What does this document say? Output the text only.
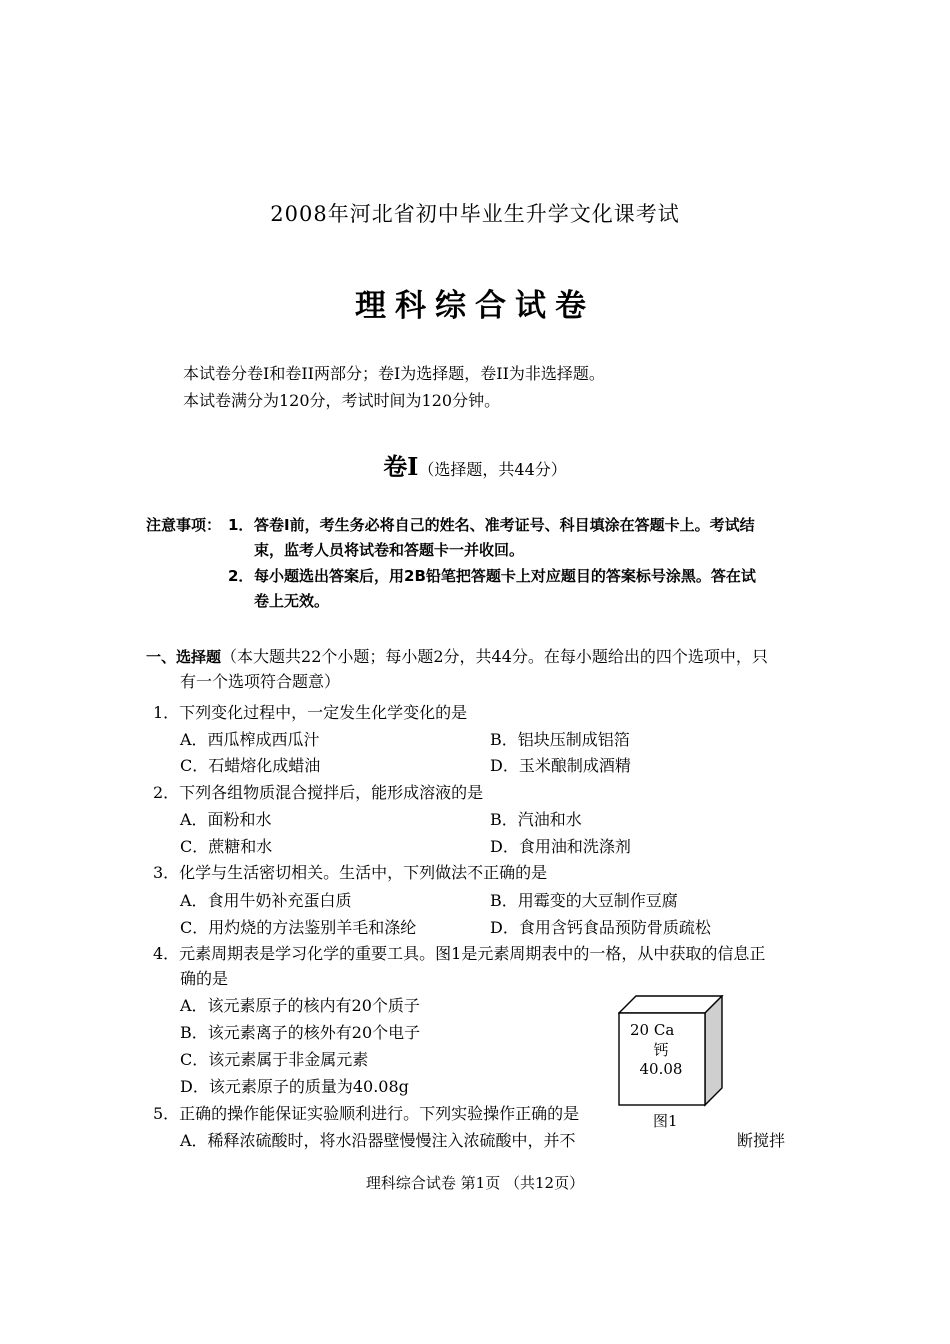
2008年河北省初中毕业生升学文化课考试
理科综合试卷
本试卷分卷I和卷II两部分；卷I为选择题，卷II为非选择题。
本试卷满分为120分，考试时间为120分钟。
卷Ⅰ（选择题，共44分）
注意事项： 1． 答卷Ⅰ前，考生务必将自己的姓名、准考证号、科目填涂在答题卡上。考试结
束，监考人员将试卷和答题卡一并收回。
2． 每小题选出答案后，用2B铅笔把答题卡上对应题目的答案标号涂黑。答在试
卷上无效。
一、选择题（本大题共22个小题；每小题2分，共44分。在每小题给出的四个选项中，只
有一个选项符合题意）
1．下列变化过程中，一定发生化学变化的是
A．西瓜榨成西瓜汁	B．铝块压制成铝箔
C．石蜡熔化成蜡油	D．玉米酿制成酒精
2．下列各组物质混合搅拌后，能形成溶液的是
A．面粉和水	B．汽油和水
C．蔗糖和水	D．食用油和洗涤剂
3．化学与生活密切相关。生活中，下列做法不正确的是
A．食用牛奶补充蛋白质	B．用霉变的大豆制作豆腐
C．用灼烧的方法鉴别羊毛和涤纶	D．食用含钙食品预防骨质疏松
4．元素周期表是学习化学的重要工具。图1是元素周期表中的一格，从中获取的信息正
确的是
A．该元素原子的核内有20个质子
B．该元素离子的核外有20个电子
C．该元素属于非金属元素
D．该元素原子的质量为40.08g
20 Ca
钙
40.08
图1
5．正确的操作能保证实验顺利进行。下列实验操作正确的是
A．稀释浓硫酸时，将水沿器壁慢慢注入浓硫酸中，并不	断搅拌
理科综合试卷 第1页 （共12页）
